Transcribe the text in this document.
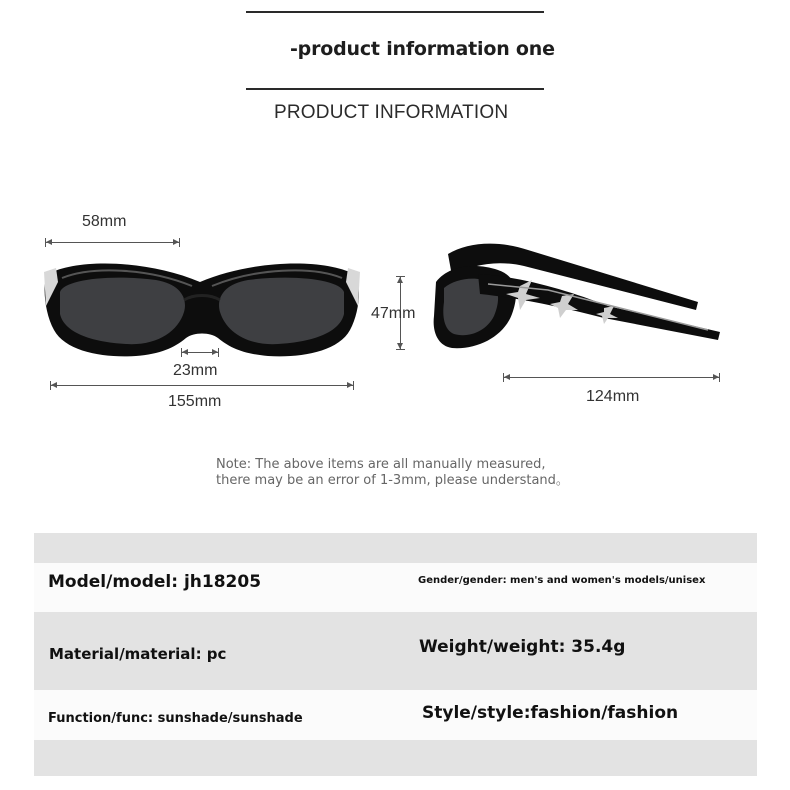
-product information one
PRODUCT INFORMATION
58mm
23mm
155mm
47mm
124mm
Note: The above items are all manually measured,
there may be an error of 1-3mm, please understand。
Model/model: jh18205	Gender/gender: men's and women's models/unisex
Material/material: pc	Weight/weight: 35.4g
Function/func: sunshade/sunshade	Style/style:fashion/fashion
